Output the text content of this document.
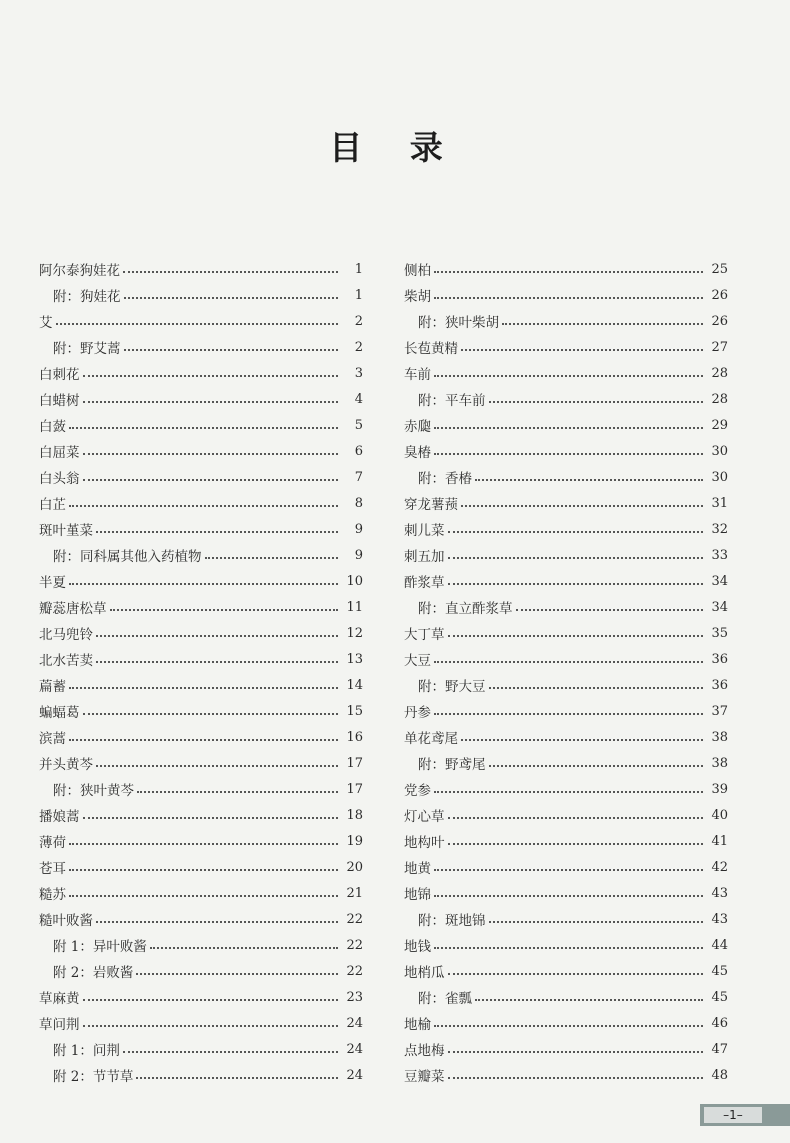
目 录
阿尔泰狗娃花	1
附：狗娃花	1
艾	2
附：野艾蒿	2
白刺花	3
白蜡树	4
白蔹	5
白屈菜	6
白头翁	7
白芷	8
斑叶堇菜	9
附：同科属其他入药植物	9
半夏	10
瓣蕊唐松草	11
北马兜铃	12
北水苦荬	13
萹蓄	14
蝙蝠葛	15
滨蒿	16
并头黄芩	17
附：狭叶黄芩	17
播娘蒿	18
薄荷	19
苍耳	20
糙苏	21
糙叶败酱	22
附 1：异叶败酱	22
附 2：岩败酱	22
草麻黄	23
草问荆	24
附 1：问荆	24
附 2：节节草	24
侧柏	25
柴胡	26
附：狭叶柴胡	26
长苞黄精	27
车前	28
附：平车前	28
赤瓟	29
臭椿	30
附：香椿	30
穿龙薯蓣	31
刺儿菜	32
刺五加	33
酢浆草	34
附：直立酢浆草	34
大丁草	35
大豆	36
附：野大豆	36
丹参	37
单花鸢尾	38
附：野鸢尾	38
党参	39
灯心草	40
地构叶	41
地黄	42
地锦	43
附：斑地锦	43
地钱	44
地梢瓜	45
附：雀瓢	45
地榆	46
点地梅	47
豆瓣菜	48
–1–
